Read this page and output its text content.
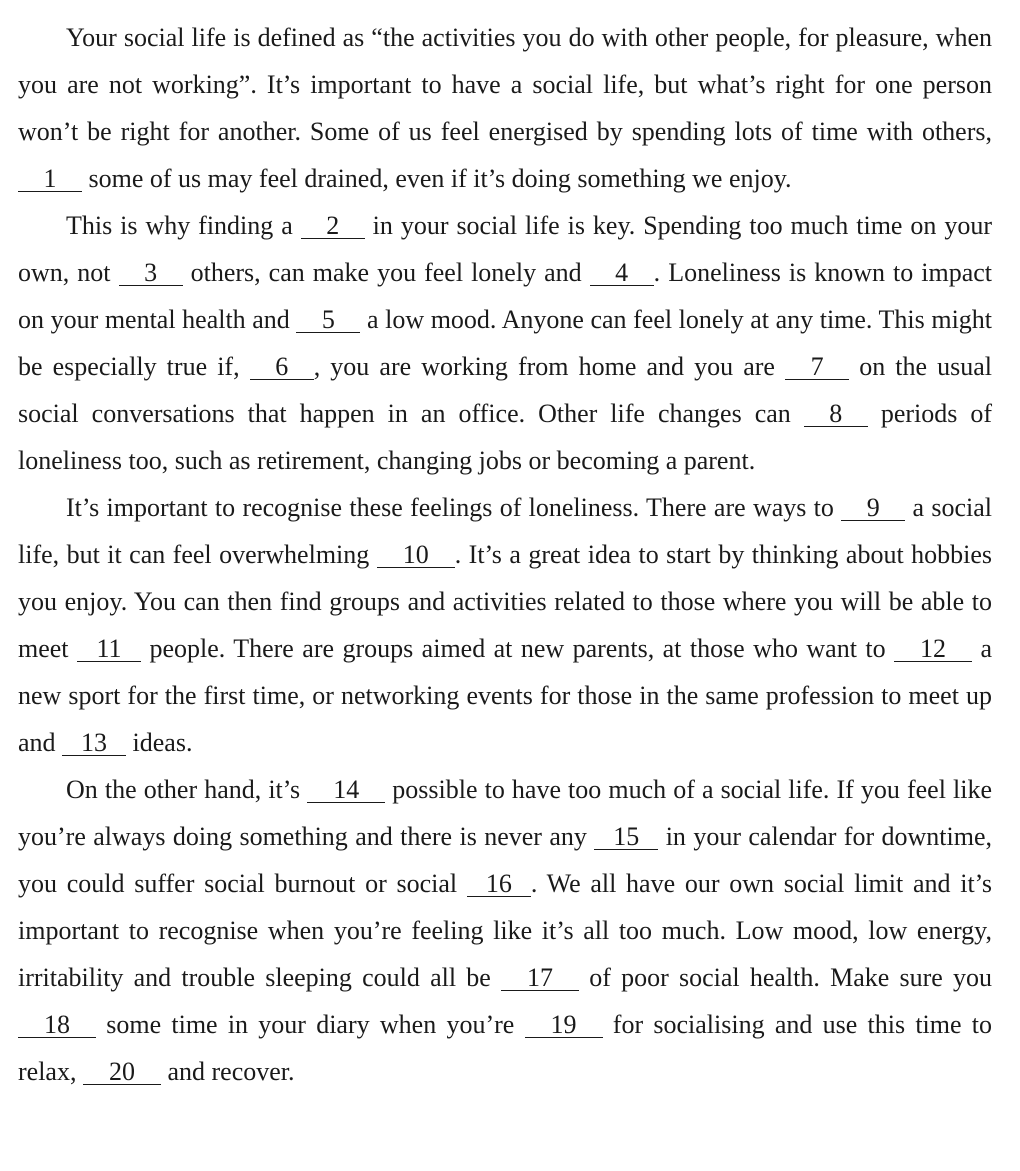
Your social life is defined as “the activities you do with other people, for pleasure, when you are not working”. It’s important to have a social life, but what’s right for one person won’t be right for another. Some of us feel energised by spending lots of time with others, 1 some of us may feel drained, even if it’s doing something we enjoy.

This is why finding a 2 in your social life is key. Spending too much time on your own, not 3 others, can make you feel lonely and 4 . Loneliness is known to impact on your mental health and 5 a low mood. Anyone can feel lonely at any time. This might be especially true if, 6 , you are working from home and you are 7 on the usual social conversations that happen in an office. Other life changes can 8 periods of loneliness too, such as retirement, changing jobs or becoming a parent.

It’s important to recognise these feelings of loneliness. There are ways to 9 a social life, but it can feel overwhelming 10 . It’s a great idea to start by thinking about hobbies you enjoy. You can then find groups and activities related to those where you will be able to meet 11 people. There are groups aimed at new parents, at those who want to 12 a new sport for the first time, or networking events for those in the same profession to meet up and 13 ideas.

On the other hand, it’s 14 possible to have too much of a social life. If you feel like you’re always doing something and there is never any 15 in your calendar for downtime, you could suffer social burnout or social 16 . We all have our own social limit and it’s important to recognise when you’re feeling like it’s all too much. Low mood, low energy, irritability and trouble sleeping could all be 17 of poor social health. Make sure you 18 some time in your diary when you’re 19 for socialising and use this time to relax, 20 and recover.
